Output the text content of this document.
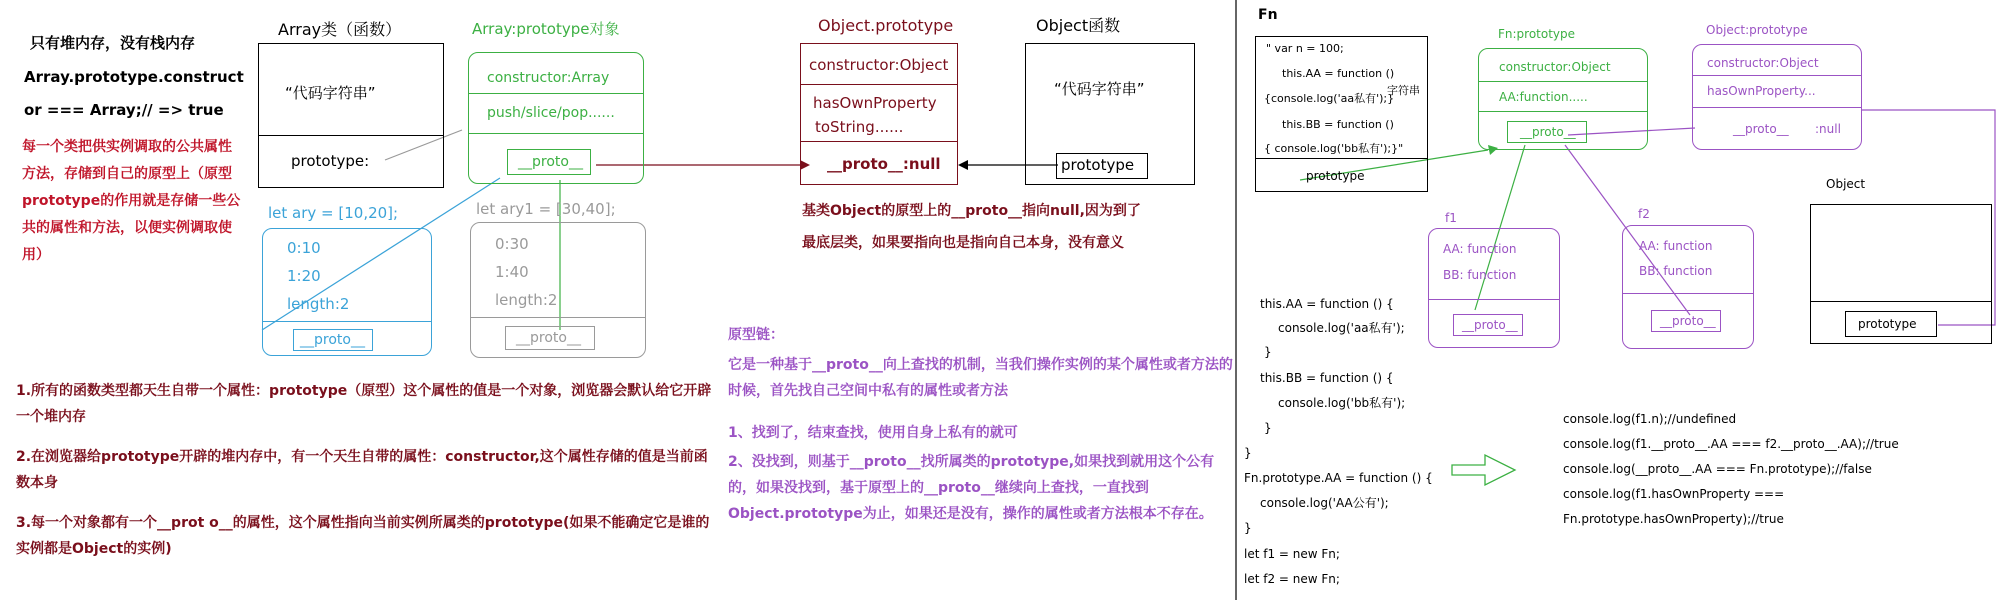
只有堆内存，没有栈内存
Array.prototype.construct
or === Array;// => true
每一个类把供实例调取的公共属性方法，存储到自己的原型上（原型prototype的作用就是存储一些公共的属性和方法，以便实例调取使用）
Array类（函数）
“代码字符串”
prototype:
Array:prototype对象
constructor:Array
push/slice/pop......
__proto__
let ary = [10,20];
0:10
1:20
length:2
__proto__
let ary1 = [30,40];
0:30
1:40
length:2
__proto__
Object.prototype
constructor:Object
hasOwnProperty
toString......
__proto__:null
Object函数
“代码字符串”
prototype
基类Object的原型上的__proto__指向null,因为到了
最底层类，如果要指向也是指向自己本身，没有意义
1.所有的函数类型都天生自带一个属性：prototype（原型）这个属性的值是一个对象，浏览器会默认给它开辟一个堆内存
2.在浏览器给prototype开辟的堆内存中，有一个天生自带的属性：constructor,这个属性存储的值是当前函数本身
3.每一个对象都有一个__prot o__的属性，这个属性指向当前实例所属类的prototype(如果不能确定它是谁的实例都是Object的实例)
原型链：
它是一种基于__proto__向上查找的机制，当我们操作实例的某个属性或者方法的时候，首先找自己空间中私有的属性或者方法
1、找到了，结束查找，使用自身上私有的就可
2、没找到，则基于__proto__找所属类的prototype,如果找到就用这个公有的，如果没找到，基于原型上的__proto__继续向上查找，一直找到Object.prototype为止，如果还是没有，操作的属性或者方法根本不存在。
Fn
" var n = 100;
this.AA = function ()
{console.log('aa私有');}
this.BB = function ()
{ console.log('bb私有');}"
字符串
prototype
Fn:prototype
constructor:Object
AA:function.....
__proto__
Object:prototype
constructor:Object
hasOwnProperty...
__proto__ :null
f1
AA: function
BB: function
__proto__
f2
AA: function
BB: function
__proto__
Object
prototype
this.AA = function () {
console.log('aa私有');
}
this.BB = function () {
console.log('bb私有');
}
}
Fn.prototype.AA = function () {
console.log('AA公有');
}
let f1 = new Fn;
let f2 = new Fn;
console.log(f1.n);//undefined
console.log(f1.__proto__.AA === f2.__proto__.AA);//true
console.log(__proto__.AA === Fn.prototype);//false
console.log(f1.hasOwnProperty ===
Fn.prototype.hasOwnProperty);//true
